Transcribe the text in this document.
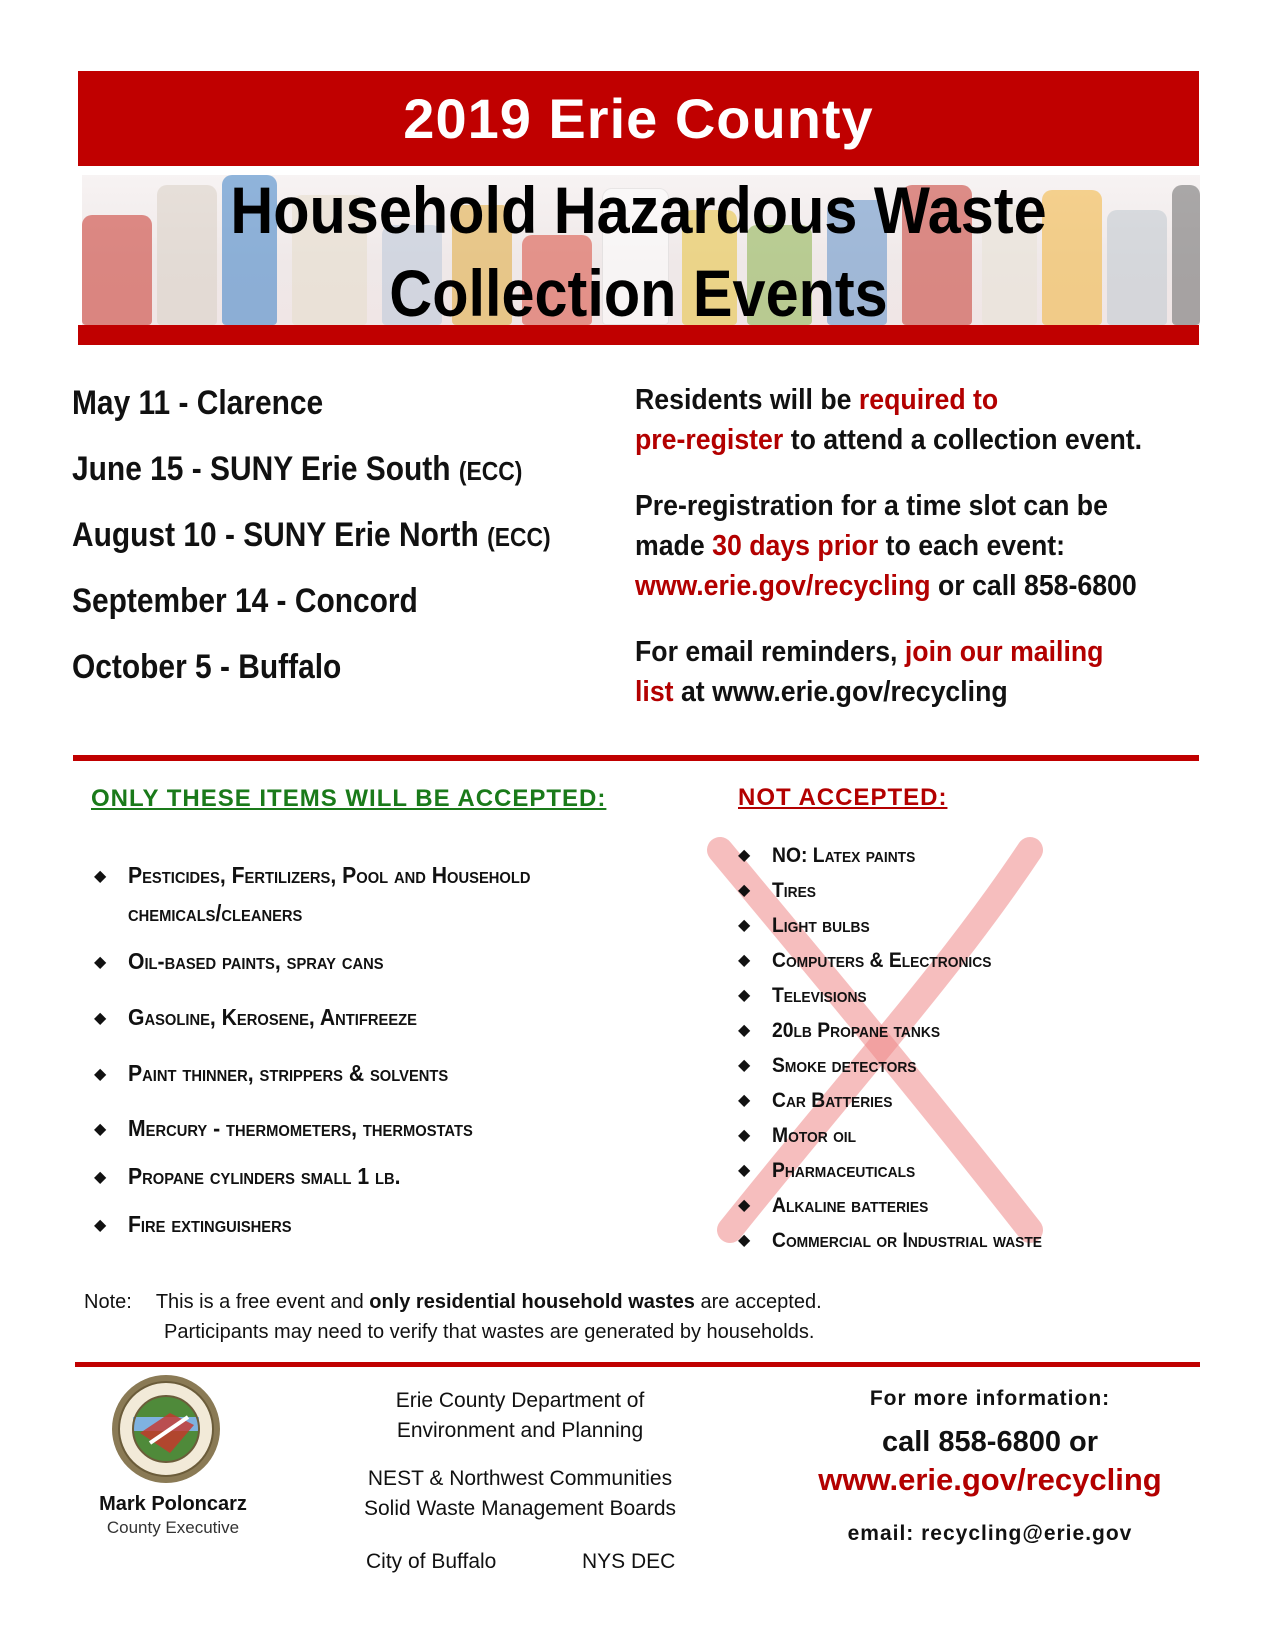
2019 Erie County
Household Hazardous Waste
Collection Events
May 11 - Clarence
June 15 - SUNY Erie South (ECC)
August 10 - SUNY Erie North (ECC)
September 14 - Concord
October 5 - Buffalo
Residents will be required to
pre-register to attend a collection event.
Pre-registration for a time slot can be
made 30 days prior to each event:
www.erie.gov/recycling or call 858-6800
For email reminders, join our mailing
list at www.erie.gov/recycling
ONLY THESE ITEMS WILL BE ACCEPTED:
◆ Pesticides, Fertilizers, Pool and Household chemicals/cleaners
◆ Oil-based paints, spray cans
◆ Gasoline, Kerosene, Antifreeze
◆ Paint thinner, strippers & solvents
◆ Mercury - thermometers, thermostats
◆ Propane cylinders small 1 lb.
◆ Fire extinguishers
NOT ACCEPTED:
◆ NO: Latex paints
◆ Tires
◆ Light bulbs
◆ Computers & Electronics
◆ Televisions
◆ 20lb Propane tanks
◆ Smoke detectors
◆ Car Batteries
◆ Motor oil
◆ Pharmaceuticals
◆ Alkaline batteries
◆ Commercial or Industrial waste
Note: This is a free event and only residential household wastes are accepted.
Participants may need to verify that wastes are generated by households.
Mark Poloncarz
County Executive
Erie County Department of
Environment and Planning
NEST & Northwest Communities
Solid Waste Management Boards
City of Buffalo	NYS DEC
For more information:
call 858-6800 or
www.erie.gov/recycling
email: recycling@erie.gov
